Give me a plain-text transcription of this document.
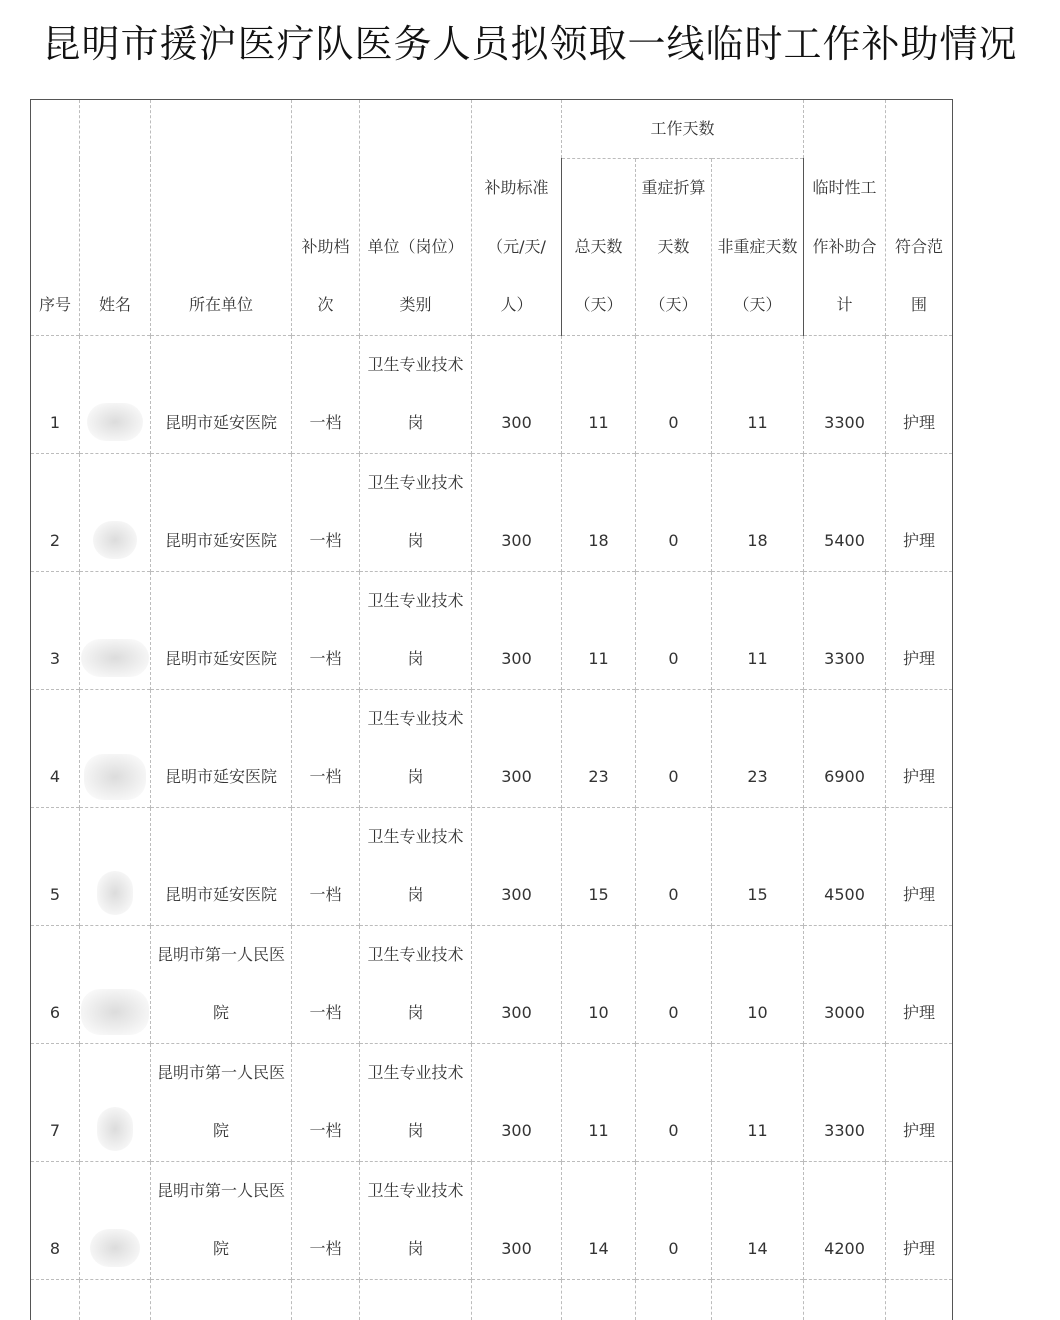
昆明市援沪医疗队医务人员拟领取一线临时工作补助情况
序号	姓名	所在单位	补助档次	单位（岗位）类别	补助标准（元/天/人）	工作天数			临时性工作补助合计	符合范围
						总天数（天）	重症折算天数（天）	非重症天数（天）		
1		昆明市延安医院	一档	卫生专业技术岗	300	11	0	11	3300	护理
2		昆明市延安医院	一档	卫生专业技术岗	300	18	0	18	5400	护理
3		昆明市延安医院	一档	卫生专业技术岗	300	11	0	11	3300	护理
4		昆明市延安医院	一档	卫生专业技术岗	300	23	0	23	6900	护理
5		昆明市延安医院	一档	卫生专业技术岗	300	15	0	15	4500	护理
6		昆明市第一人民医院	一档	卫生专业技术岗	300	10	0	10	3000	护理
7		昆明市第一人民医院	一档	卫生专业技术岗	300	11	0	11	3300	护理
8		昆明市第一人民医院	一档	卫生专业技术岗	300	14	0	14	4200	护理
